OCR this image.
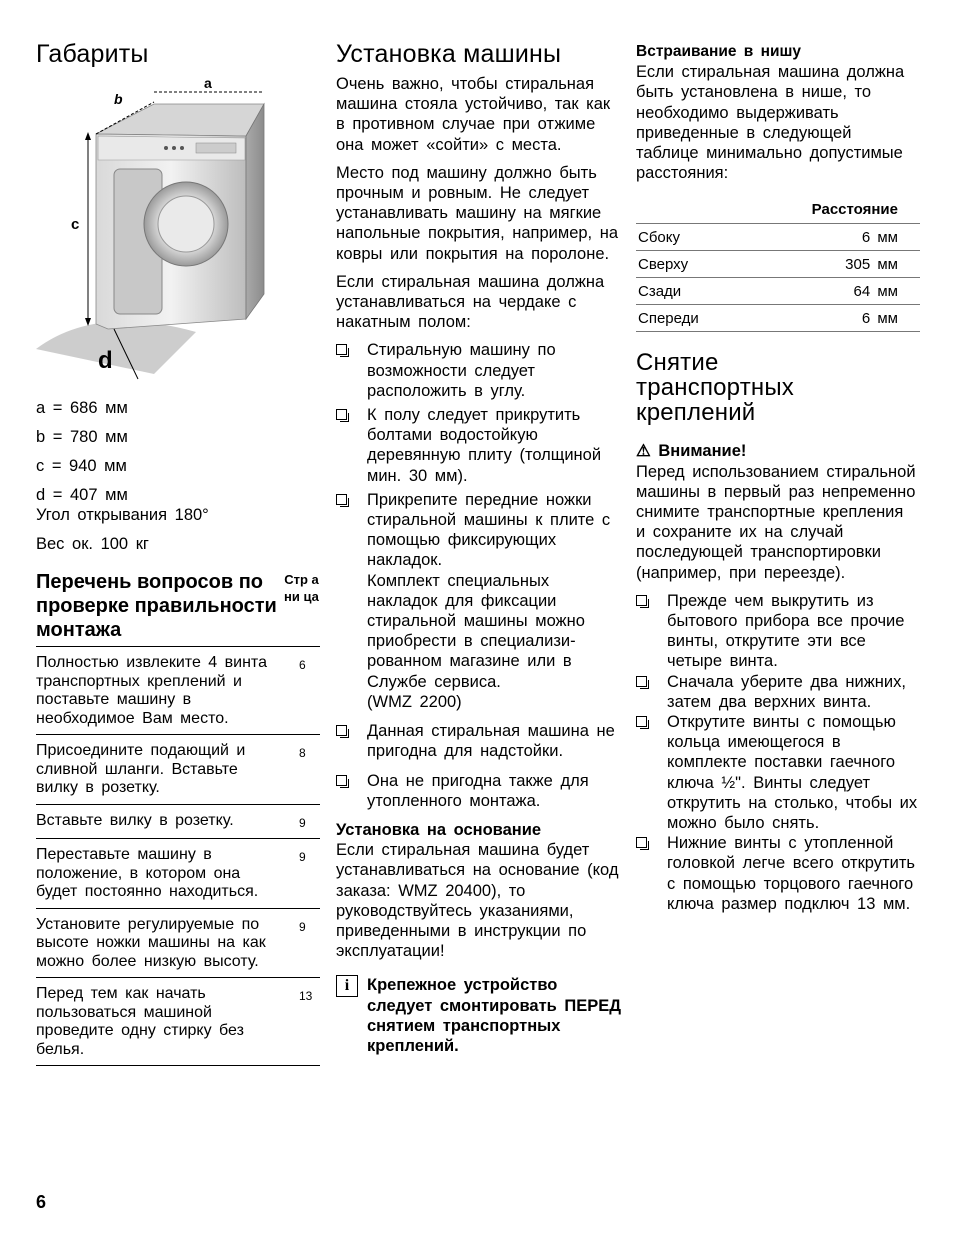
Габариты
a
b
c
d

a = 686 мм

b = 780 мм

c = 940 мм

d = 407 мм

Угол открывания 180°

Вес ок. 100 кг

Перечень вопросов по проверке правильности монтажа	Стр ани ца
Полностью извлеките 4 винта транспортных креплений и поставьте машину в необходимое Вам место.	6
Присоедините подающий и сливной шланги. Вставьте вилку в розетку.	8
Вставьте вилку в розетку.	9
Переставьте машину в положение, в котором она будет постоянно находиться.	9
Установите регулируемые по высоте ножки машины на как можно более низкую высоту.	9
Перед тем как начать пользоваться машиной проведите одну стирку без белья.	13
6
Установка машины

Очень важно, чтобы стиральная машина стояла устойчиво, так как в противном случае при отжиме она может «сойти» с места.

Место под машину должно быть прочным и ровным. Не следует устанавливать машину на мягкие напольные покрытия, например, на ковры или покрытия на поролоне.

Если стиральная машина должна устанавливаться на чердаке с накатным полом:

Стиральную машину по возможности следует расположить в углу.
К полу следует прикрутить болтами водостойкую деревянную плиту (толщиной мин. 30 мм).
Прикрепите передние ножки стиральной машины к плите с помощью фиксирующих накладок.
Комплект специальных накладок для фиксации стиральной машины можно приобрести в специализи- рованном магазине или в Службе сервиса.
(WMZ 2200)
Данная стиральная машина не пригодна для надстойки.
Она не пригодна также для утопленного монтажа.

Установка на основание

Если стиральная машина будет устанавливаться на основание (код заказа: WMZ 20400), то руководствуйтесь указаниями, приведенными в инструкции по эксплуатации!

i	Крепежное устройство следует смонтировать ПЕРЕД снятием транспортных креплений.

Встраивание в нишу

Если стиральная машина должна быть установлена в нише, то необходимо выдерживать приведенные в следующей таблице минимально допустимые расстояния:

Расстояние	
Сбоку	6 мм
Сверху	305 мм
Сзади	64 мм
Спереди	6 мм
Снятие транспортных креплений

⚠ Внимание!

Перед использованием стиральной машины в первый раз непременно снимите транспортные крепления и сохраните их на случай последующей транспортировки (например, при переезде).

Прежде чем выкрутить из бытового прибора все прочие винты, открутите эти все четыре винта.
Сначала уберите два нижних, затем два верхних винта.
Открутите винты с помощью кольца имеющегося в комплекте поставки гаечного ключа ½". Винты следует открутить на столько, чтобы их можно было снять.
Нижние винты с утопленной головкой легче всего открутить с помощью торцового гаечного ключа размер подключ 13 мм.
